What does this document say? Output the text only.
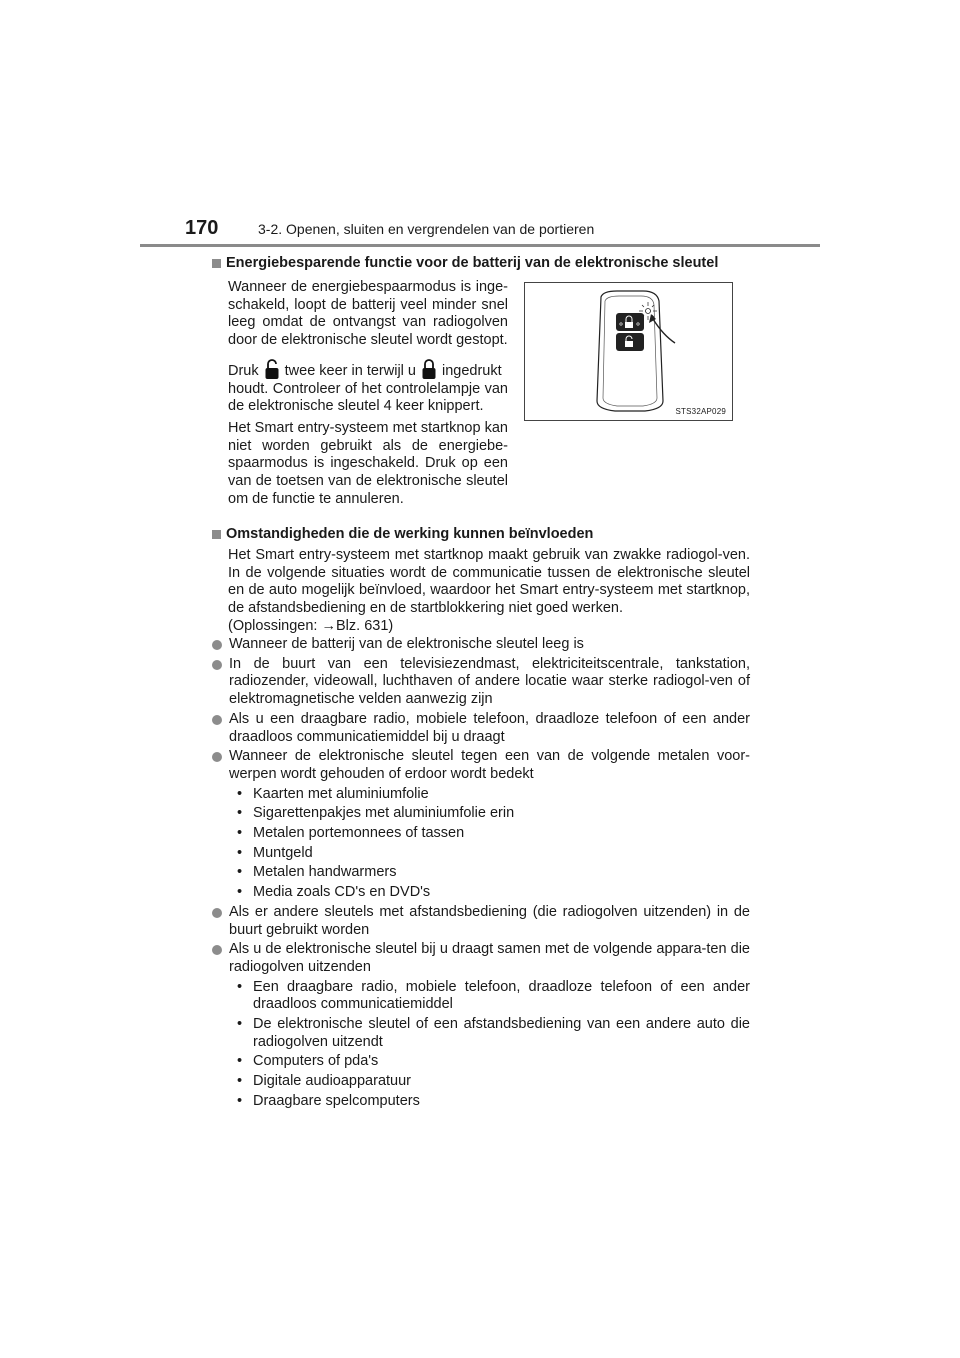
170	3-2. Openen, sluiten en vergrendelen van de portieren
Energiebesparende functie voor de batterij van de elektronische sleutel

Wanneer de energiebespaarmodus is inge-schakeld, loopt de batterij veel minder snel leeg omdat de ontvangst van radiogolven door de elektronische sleutel wordt gestopt.

Druk twee keer in terwijl u ingedrukt
houdt. Controleer of het controlelampje van de elektronische sleutel 4 keer knippert.

Het Smart entry-systeem met startknop kan niet worden gebruikt als de energiebe-spaarmodus is ingeschakeld. Druk op een van de toetsen van de elektronische sleutel om de functie te annuleren.

STS32AP029
Omstandigheden die de werking kunnen beïnvloeden

Het Smart entry-systeem met startknop maakt gebruik van zwakke radiogol-ven. In de volgende situaties wordt de communicatie tussen de elektronische sleutel en de auto mogelijk beïnvloed, waardoor het Smart entry-systeem met startknop, de afstandsbediening en de startblokkering niet goed werken.

(Oplossingen: →Blz. 631)

Wanneer de batterij van de elektronische sleutel leeg is
In de buurt van een televisiezendmast, elektriciteitscentrale, tankstation, radiozender, videowall, luchthaven of andere locatie waar sterke radiogol-ven of elektromagnetische velden aanwezig zijn
Als u een draagbare radio, mobiele telefoon, draadloze telefoon of een ander draadloos communicatiemiddel bij u draagt
Wanneer de elektronische sleutel tegen een van de volgende metalen voor-werpen wordt gehouden of erdoor wordt bedekt
• Kaarten met aluminiumfolie
• Sigarettenpakjes met aluminiumfolie erin
• Metalen portemonnees of tassen
• Muntgeld
• Metalen handwarmers
• Media zoals CD's en DVD's
Als er andere sleutels met afstandsbediening (die radiogolven uitzenden) in de buurt gebruikt worden
Als u de elektronische sleutel bij u draagt samen met de volgende appara-ten die radiogolven uitzenden
• Een draagbare radio, mobiele telefoon, draadloze telefoon of een ander draadloos communicatiemiddel
• De elektronische sleutel of een afstandsbediening van een andere auto die radiogolven uitzendt
• Computers of pda's
• Digitale audioapparatuur
• Draagbare spelcomputers
